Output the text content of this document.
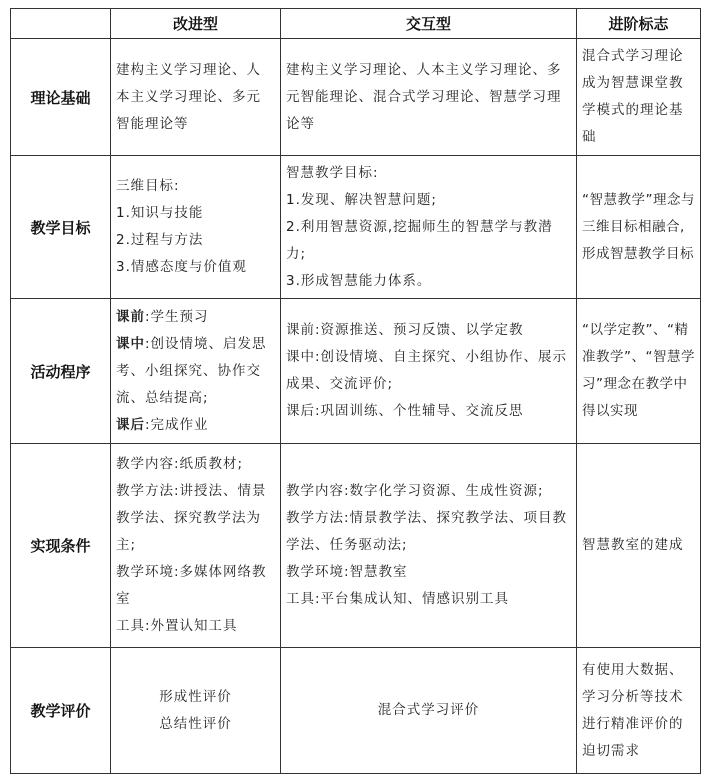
	改进型	交互型	进阶标志
理论基础	建构主义学习理论、人本主义学习理论、多元智能理论等	建构主义学习理论、人本主义学习理论、多元智能理论、混合式学习理论、智慧学习理论等	混合式学习理论成为智慧课堂教学模式的理论基础

教学目标	三维目标:
1.知识与技能
2.过程与方法
3.情感态度与价值观	智慧教学目标:
1.发现、解决智慧问题;
2.利用智慧资源,挖掘师生的智慧学与教潜力;
3.形成智慧能力体系。	“智慧教学”理念与三维目标相融合,形成智慧教学目标

活动程序	课前:学生预习
课中:创设情境、启发思考、小组探究、协作交流、总结提高;
课后:完成作业	课前:资源推送、预习反馈、以学定教
课中:创设情境、自主探究、小组协作、展示成果、交流评价;
课后:巩固训练、个性辅导、交流反思	“以学定教”、“精准教学”、“智慧学习”理念在教学中得以实现

实现条件	教学内容:纸质教材;
教学方法:讲授法、情景教学法、探究教学法为主;
教学环境:多媒体网络教室
工具:外置认知工具	教学内容:数字化学习资源、生成性资源;
教学方法:情景教学法、探究教学法、项目教学法、任务驱动法;
教学环境:智慧教室
工具:平台集成认知、情感识别工具	智慧教室的建成

教学评价	形成性评价
总结性评价	混合式学习评价	有使用大数据、学习分析等技术进行精准评价的迫切需求
